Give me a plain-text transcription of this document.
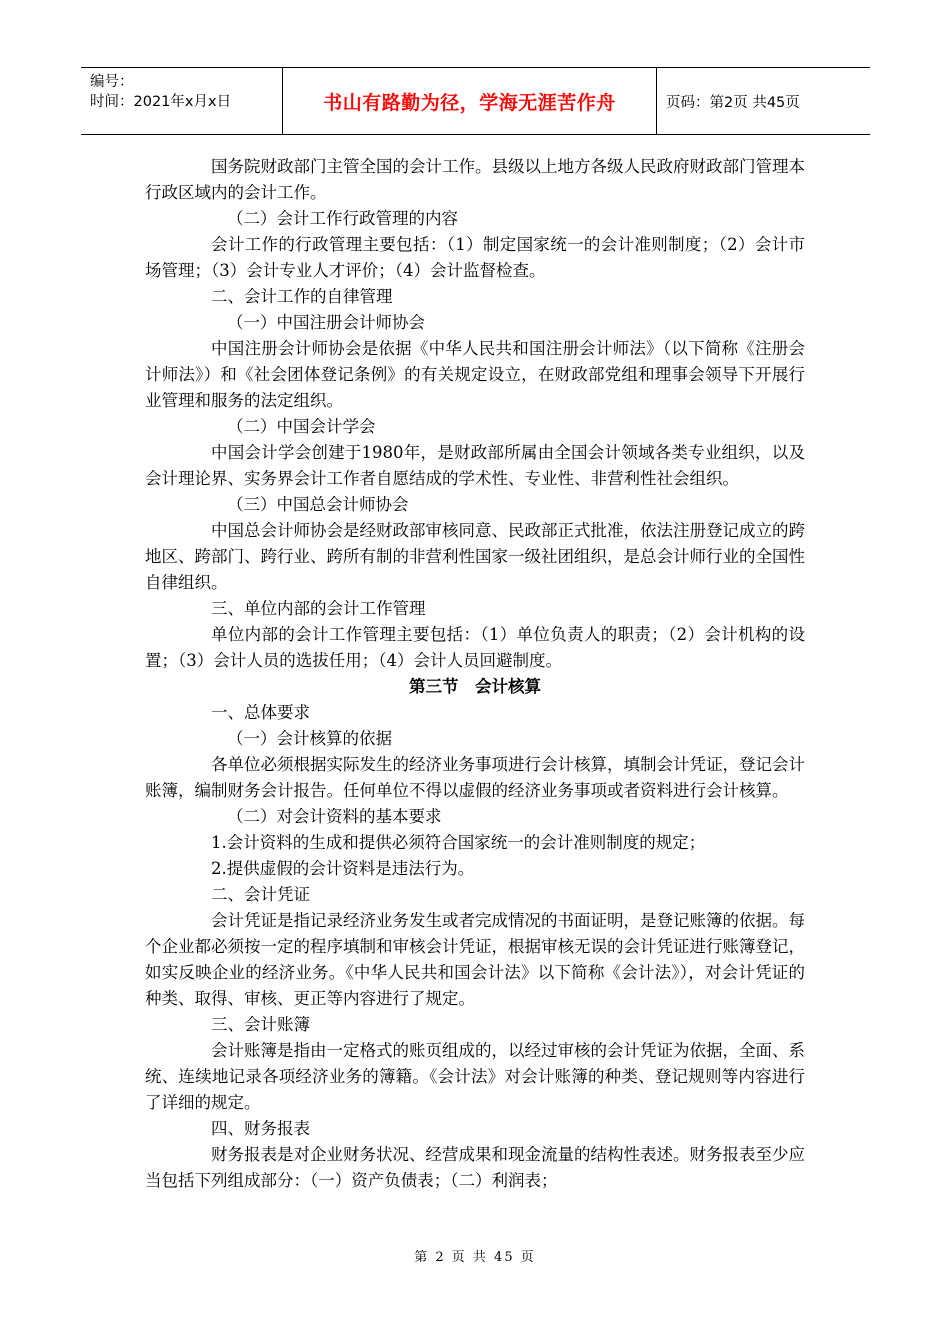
编号：
时间：2021年x月x日	书山有路勤为径，学海无涯苦作舟	页码：第2页 共45页

国务院财政部门主管全国的会计工作。县级以上地方各级人民政府财政部门管理本行政区域内的会计工作。

（二）会计工作行政管理的内容

会计工作的行政管理主要包括：（1）制定国家统一的会计准则制度；（2）会计市场管理；（3）会计专业人才评价；（4）会计监督检查。

二、会计工作的自律管理

（一）中国注册会计师协会

中国注册会计师协会是依据《中华人民共和国注册会计师法》（以下简称《注册会计师法》）和《社会团体登记条例》的有关规定设立，在财政部党组和理事会领导下开展行业管理和服务的法定组织。

（二）中国会计学会

中国会计学会创建于1980年，是财政部所属由全国会计领域各类专业组织，以及会计理论界、实务界会计工作者自愿结成的学术性、专业性、非营利性社会组织。

（三）中国总会计师协会

中国总会计师协会是经财政部审核同意、民政部正式批准，依法注册登记成立的跨地区、跨部门、跨行业、跨所有制的非营利性国家一级社团组织，是总会计师行业的全国性自律组织。

三、单位内部的会计工作管理

单位内部的会计工作管理主要包括：（1）单位负责人的职责；（2）会计机构的设置；（3）会计人员的选拔任用；（4）会计人员回避制度。

第三节　会计核算

一、总体要求

（一）会计核算的依据

各单位必须根据实际发生的经济业务事项进行会计核算，填制会计凭证，登记会计账簿，编制财务会计报告。任何单位不得以虚假的经济业务事项或者资料进行会计核算。

（二）对会计资料的基本要求

1.会计资料的生成和提供必须符合国家统一的会计准则制度的规定；

2.提供虚假的会计资料是违法行为。

二、会计凭证

会计凭证是指记录经济业务发生或者完成情况的书面证明，是登记账簿的依据。每个企业都必须按一定的程序填制和审核会计凭证，根据审核无误的会计凭证进行账簿登记，如实反映企业的经济业务。《中华人民共和国会计法》以下简称《会计法》），对会计凭证的种类、取得、审核、更正等内容进行了规定。

三、会计账簿

会计账簿是指由一定格式的账页组成的，以经过审核的会计凭证为依据，全面、系统、连续地记录各项经济业务的簿籍。《会计法》对会计账簿的种类、登记规则等内容进行了详细的规定。

四、财务报表

财务报表是对企业财务状况、经营成果和现金流量的结构性表述。财务报表至少应当包括下列组成部分：（一）资产负债表；（二）利润表；

第 2 页 共 45 页
